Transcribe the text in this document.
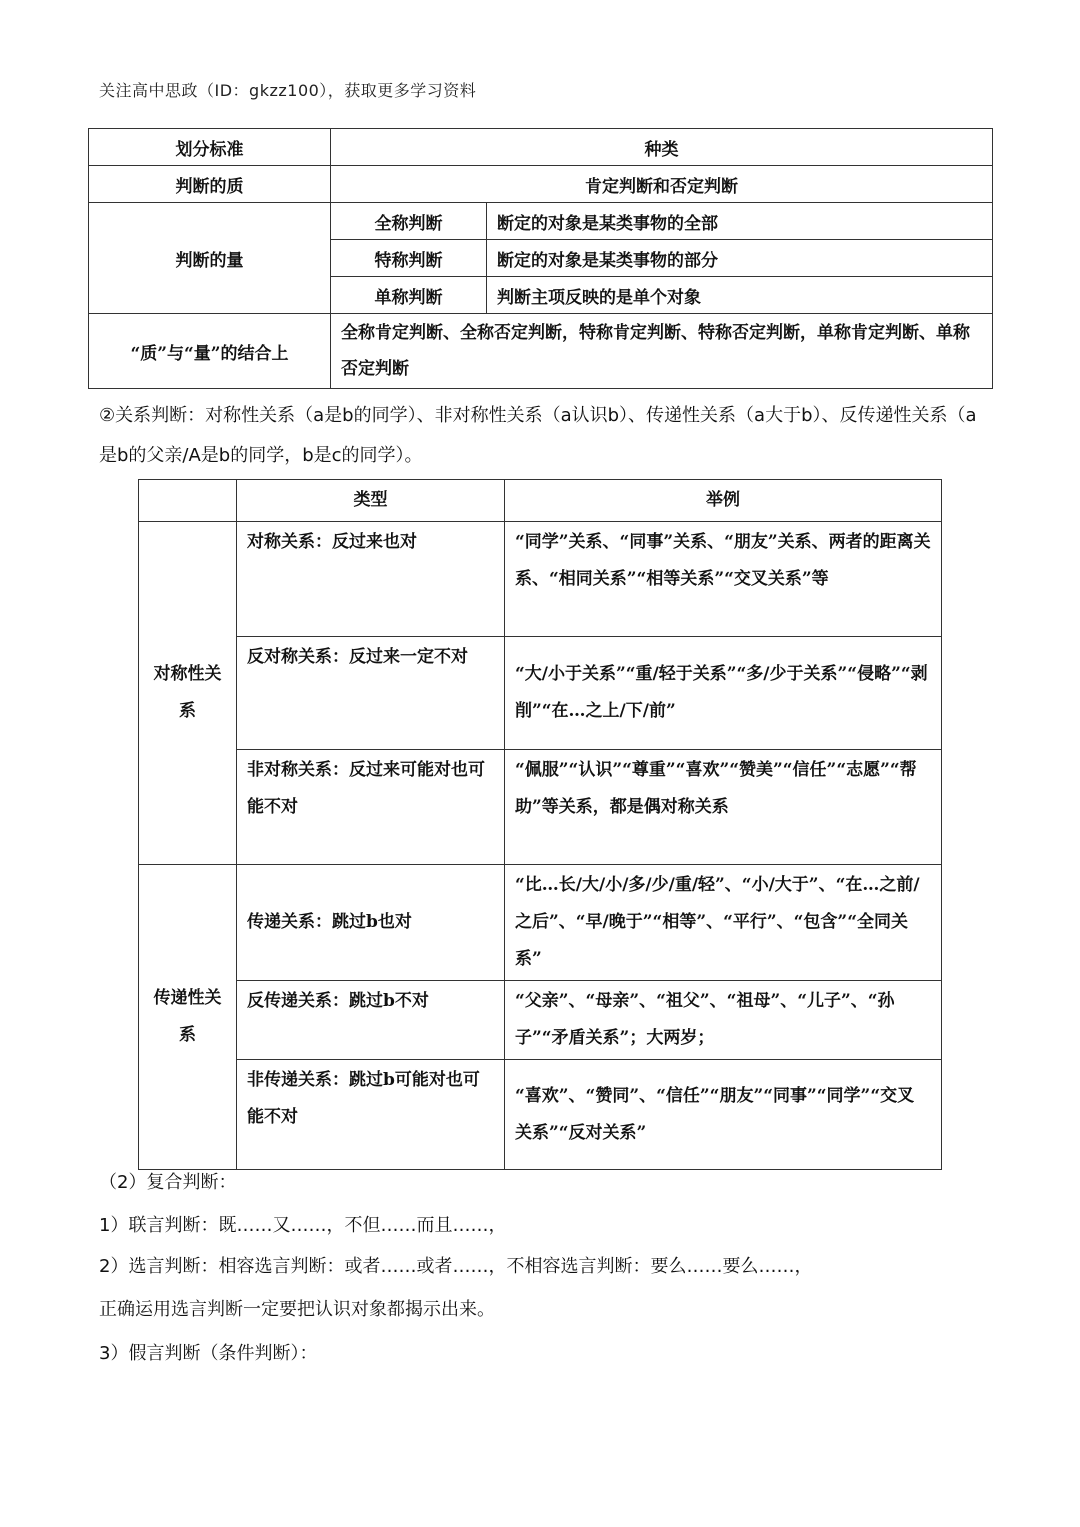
关注高中思政（ID：gkzz100），获取更多学习资料
划分标准	种类	
判断的质	肯定判断和否定判断	
判断的量	全称判断	断定的对象是某类事物的全部
	特称判断	断定的对象是某类事物的部分
	单称判断	判断主项反映的是单个对象
“质”与“量”的结合上	全称肯定判断、全称否定判断，特称肯定判断、特称否定判断，单称肯定判断、单称否定判断	
②关系判断：对称性关系（a是b的同学）、非对称性关系（a认识b）、传递性关系（a大于b）、反传递性关系（a是b的父亲/A是b的同学，b是c的同学）。
	类型	举例
对称性关系	对称关系：反过来也对	“同学”关系、“同事”关系、“朋友”关系、两者的距离关系、“相同关系”“相等关系”“交叉关系”等
	反对称关系：反过来一定不对	“大/小于关系”“重/轻于关系”“多/少于关系”“侵略”“剥削”“在…之上/下/前”
	非对称关系：反过来可能对也可能不对	“佩服”“认识”“尊重”“喜欢”“赞美”“信任”“志愿”“帮助”等关系，都是偶对称关系
传递性关系	传递关系：跳过b也对	“比…长/大/小/多/少/重/轻”、“小/大于”、“在…之前/之后”、“早/晚于”“相等”、“平行”、“包含”“全同关系”
	反传递关系：跳过b不对	“父亲”、“母亲”、“祖父”、“祖母”、“儿子”、“孙子”“矛盾关系”；大两岁；
	非传递关系：跳过b可能对也可能不对	“喜欢”、“赞同”、“信任”“朋友”“同事”“同学”“交叉关系”“反对关系”
（2）复合判断：
1）联言判断：既……又……，不但……而且……，
2）选言判断：相容选言判断：或者……或者……，不相容选言判断：要么……要么……，
正确运用选言判断一定要把认识对象都揭示出来。
3）假言判断（条件判断）：
